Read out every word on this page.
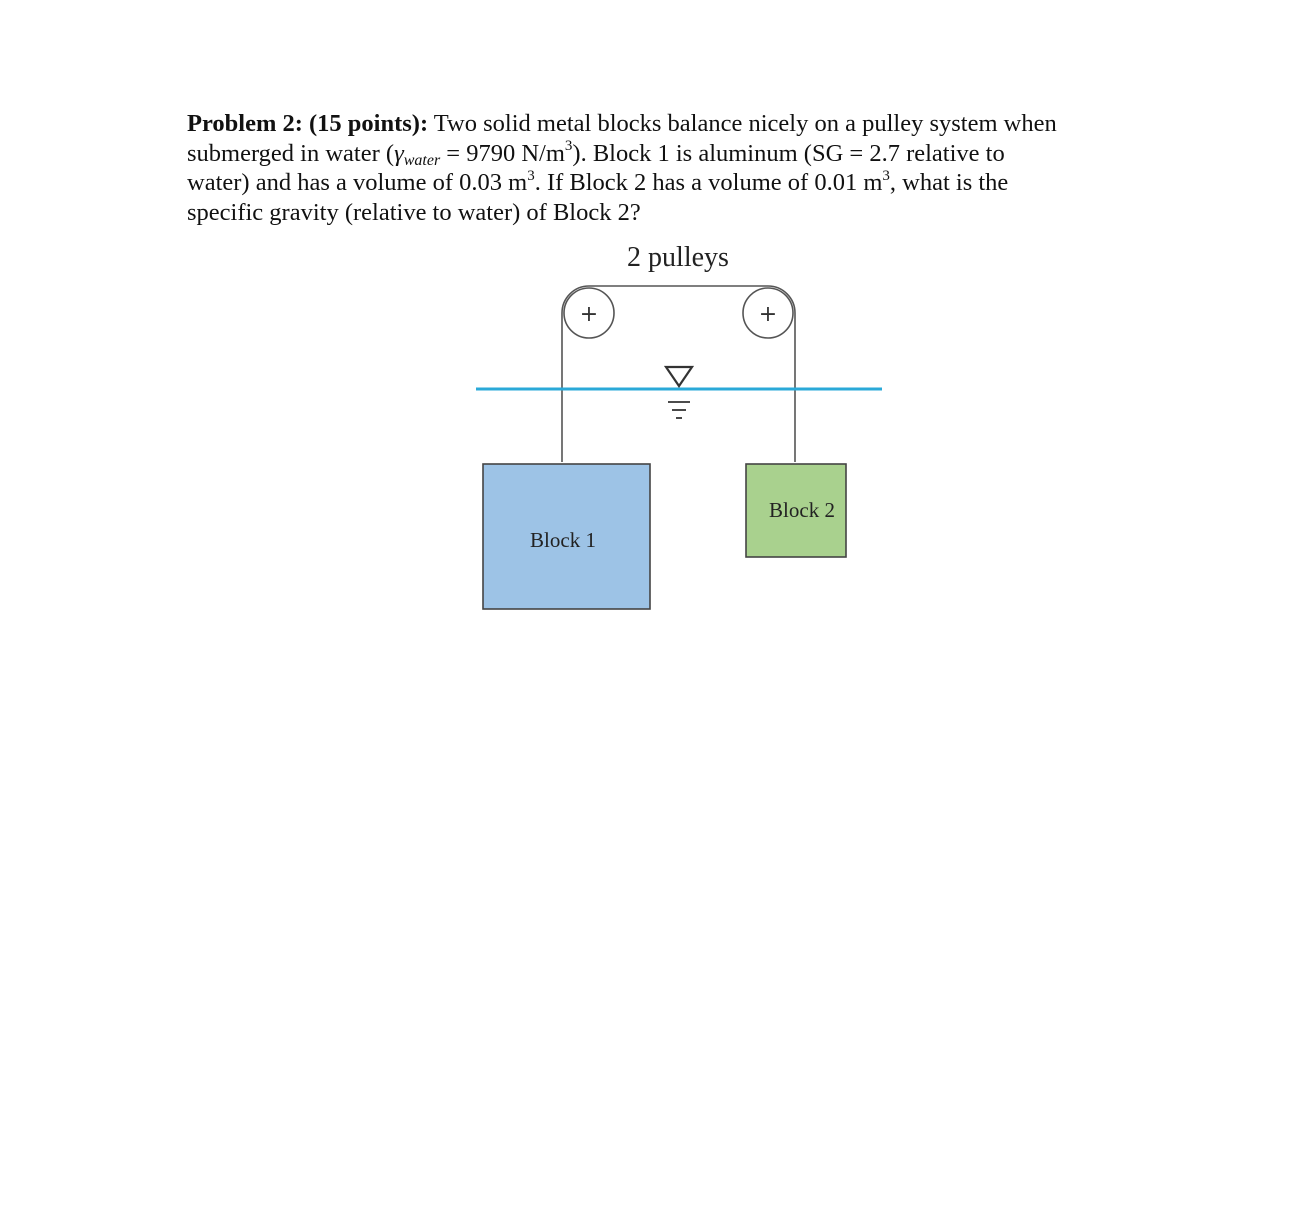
Problem 2: (15 points): Two solid metal blocks balance nicely on a pulley system when
submerged in water ($\gamma_{water} = 9790$ $N/m^3$). Block 1 is aluminum (SG = 2.7 relative to
water) and has a volume of 0.03 $m^3$. If Block 2 has a volume of 0.01 $m^3$, what is the
specific gravity (relative to water) of Block 2?
2 pulleys
+	+
Block 1
Block 2
